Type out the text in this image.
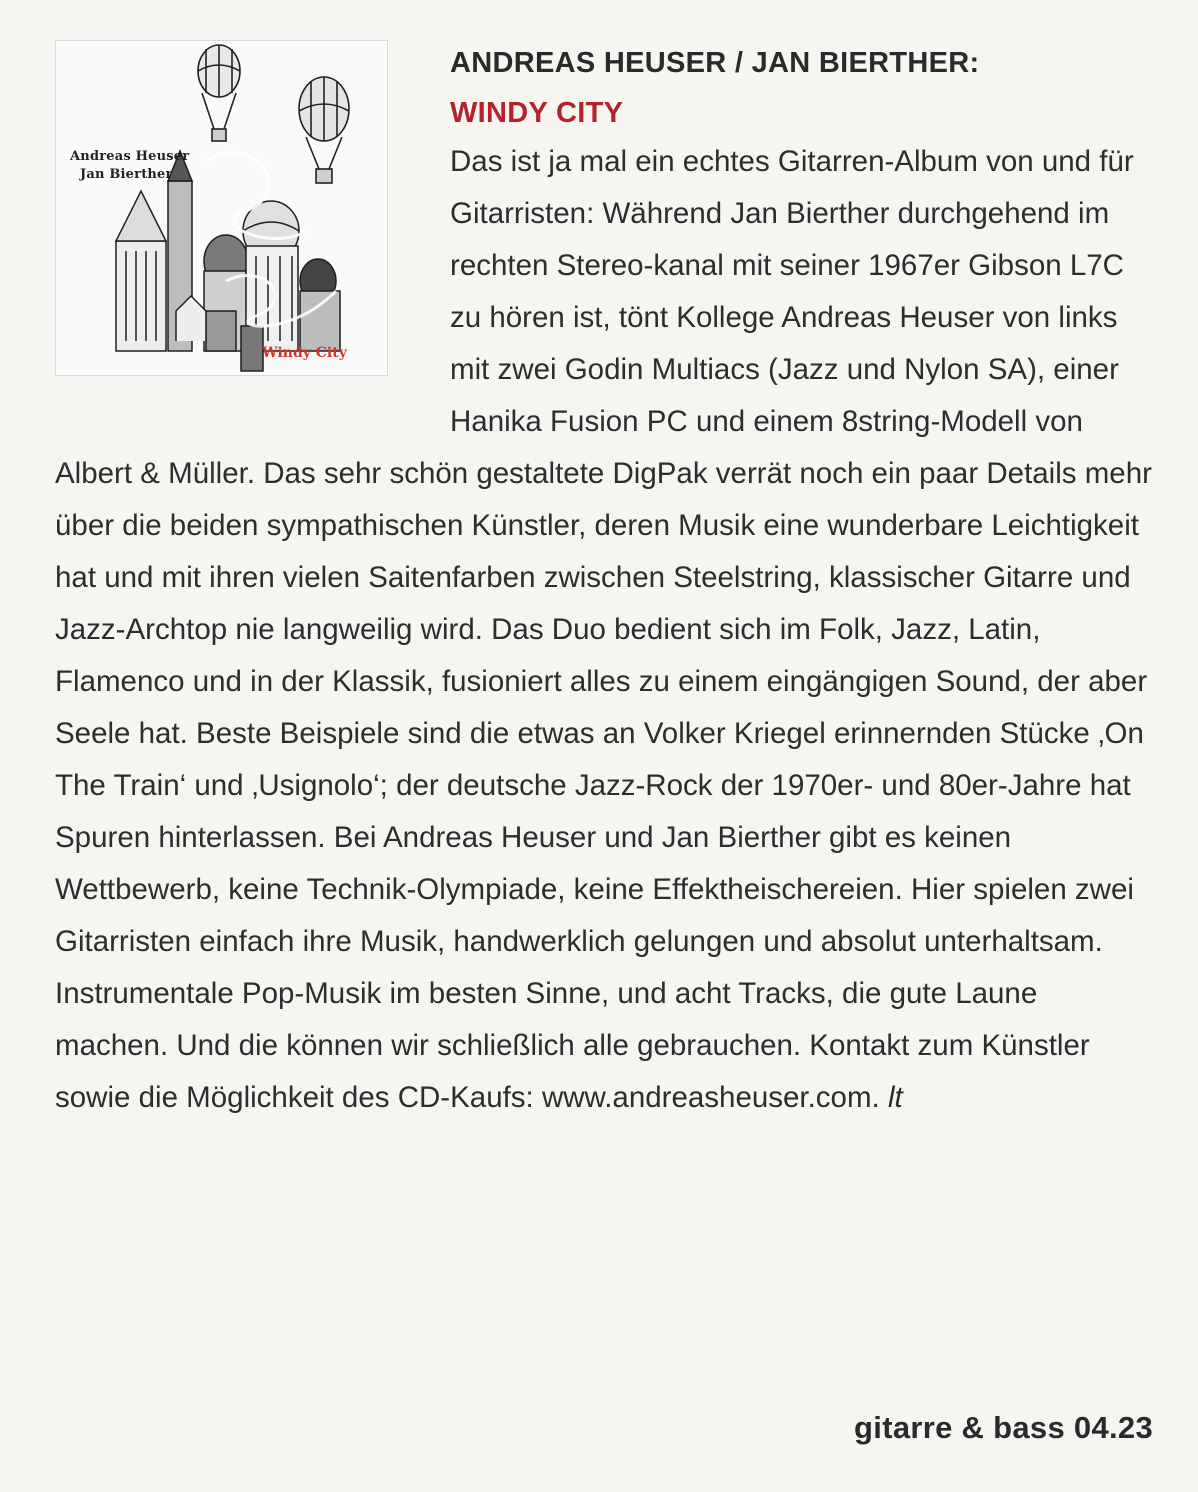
Andreas Heuser
Jan Bierther
Windy City
ANDREAS HEUSER / JAN BIERTHER:
WINDY CITY
Das ist ja mal ein echtes Gitarren-Album von und für Gitarristen: Während Jan Bierther durchgehend im rechten Stereo-kanal mit seiner 1967er Gibson L7C zu hören ist, tönt Kollege Andreas Heuser von links mit zwei Godin Multiacs (Jazz und Nylon SA), einer Hanika Fusion PC und einem 8string-Modell von Albert & Müller. Das sehr schön gestaltete DigPak verrät noch ein paar Details mehr über die beiden sympathischen Künstler, deren Musik eine wunderbare Leichtigkeit hat und mit ihren vielen Saitenfarben zwischen Steelstring, klassischer Gitarre und Jazz-Archtop nie langweilig wird. Das Duo bedient sich im Folk, Jazz, Latin, Flamenco und in der Klassik, fusioniert alles zu einem eingängigen Sound, der aber Seele hat. Beste Beispiele sind die etwas an Volker Kriegel erinnernden Stücke ‚On The Train‘ und ‚Usignolo‘; der deutsche Jazz-Rock der 1970er- und 80er-Jahre hat Spuren hinterlassen. Bei Andreas Heuser und Jan Bierther gibt es keinen Wettbewerb, keine Technik-Olympiade, keine Effektheischereien. Hier spielen zwei Gitarristen einfach ihre Musik, handwerklich gelungen und absolut unterhaltsam. Instrumentale Pop-Musik im besten Sinne, und acht Tracks, die gute Laune machen. Und die können wir schließlich alle gebrauchen. Kontakt zum Künstler sowie die Möglichkeit des CD-Kaufs: www.andreasheuser.com. lt
gitarre & bass 04.23
